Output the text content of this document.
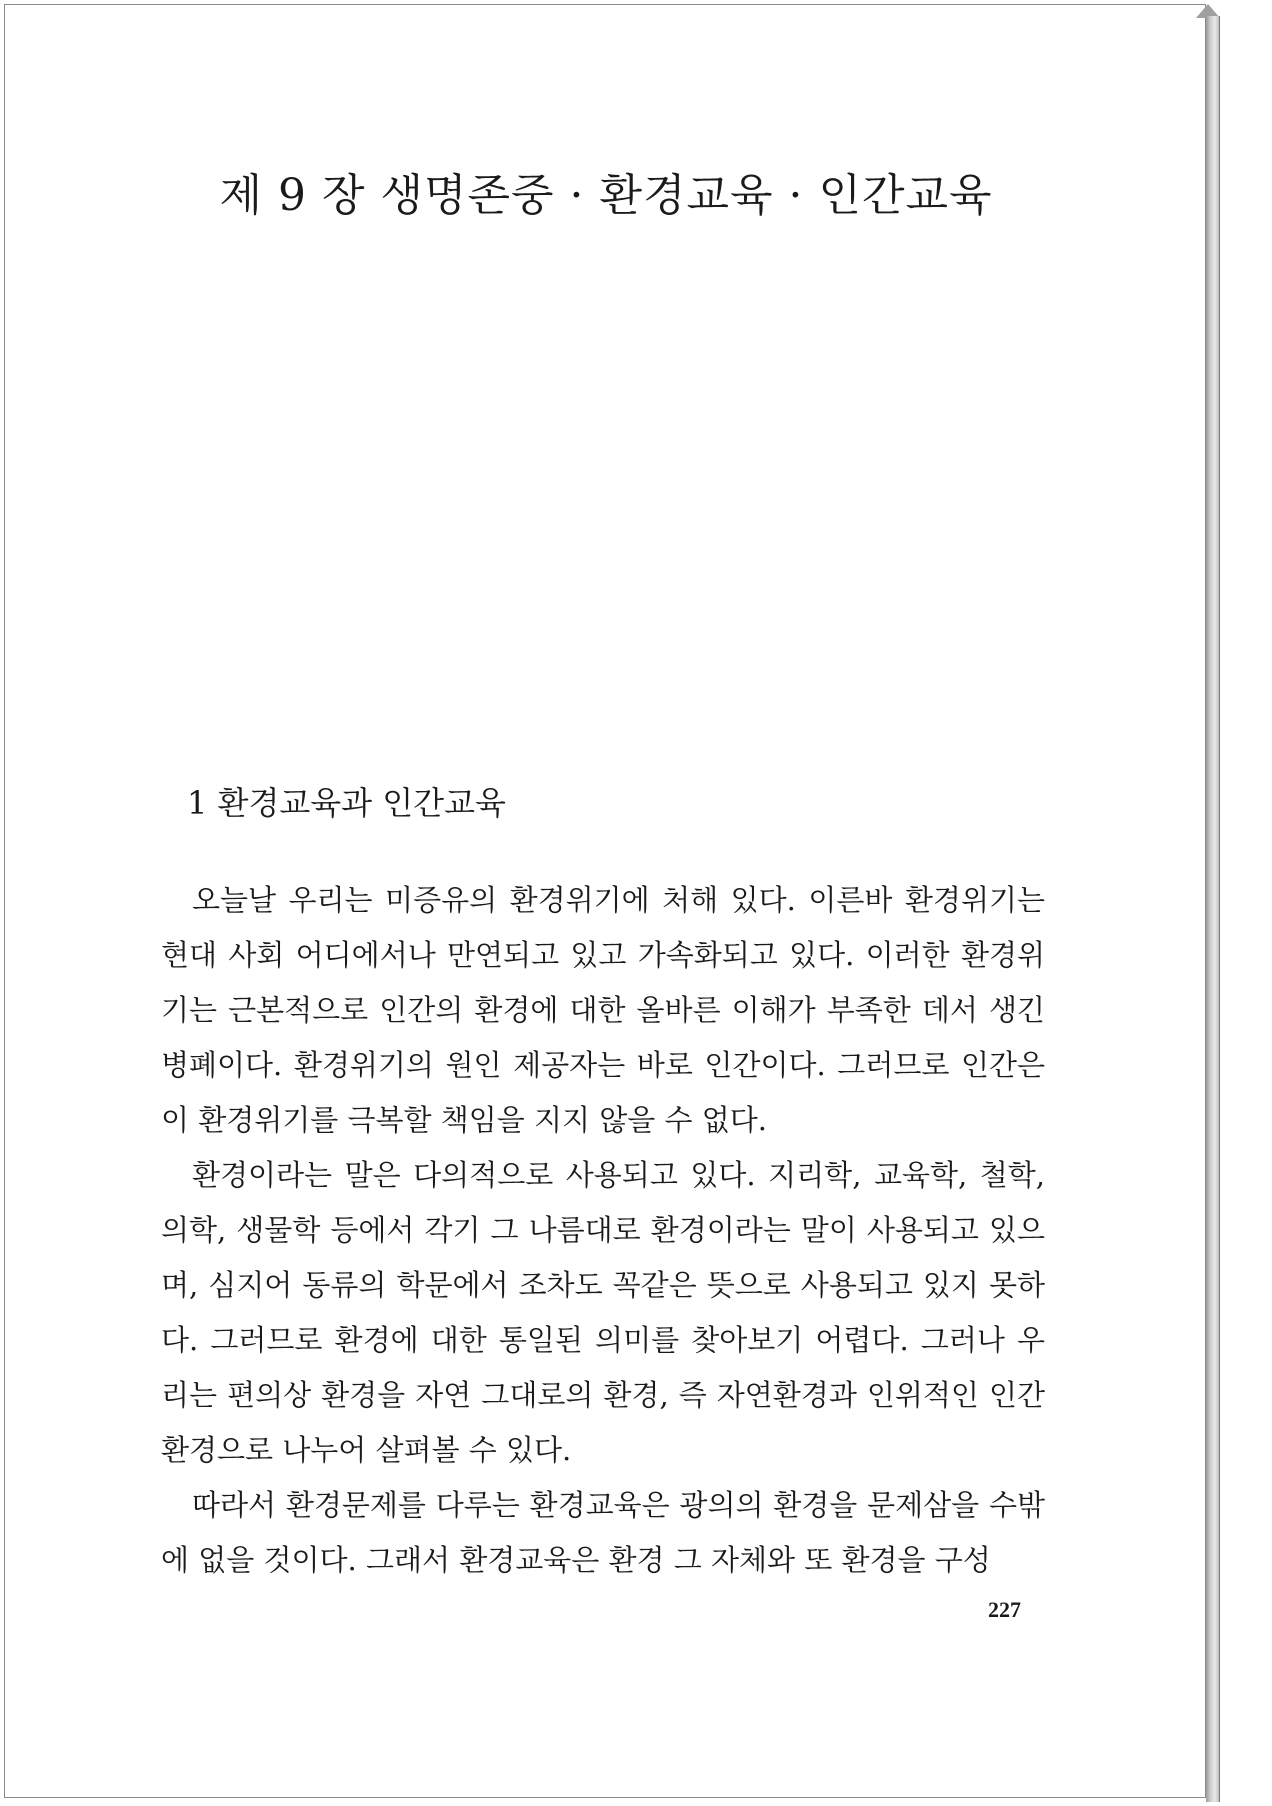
제 9 장 생명존중 · 환경교육 · 인간교육
1 환경교육과 인간교육

오늘날 우리는 미증유의 환경위기에 처해 있다. 이른바 환경위기는 현대 사회 어디에서나 만연되고 있고 가속화되고 있다. 이러한 환경위기는 근본적으로 인간의 환경에 대한 올바른 이해가 부족한 데서 생긴 병폐이다. 환경위기의 원인 제공자는 바로 인간이다. 그러므로 인간은 이 환경위기를 극복할 책임을 지지 않을 수 없다.

환경이라는 말은 다의적으로 사용되고 있다. 지리학, 교육학, 철학, 의학, 생물학 등에서 각기 그 나름대로 환경이라는 말이 사용되고 있으며, 심지어 동류의 학문에서 조차도 꼭같은 뜻으로 사용되고 있지 못하다. 그러므로 환경에 대한 통일된 의미를 찾아보기 어렵다. 그러나 우리는 편의상 환경을 자연 그대로의 환경, 즉 자연환경과 인위적인 인간환경으로 나누어 살펴볼 수 있다.

따라서 환경문제를 다루는 환경교육은 광의의 환경을 문제삼을 수밖에 없을 것이다. 그래서 환경교육은 환경 그 자체와 또 환경을 구성

227
